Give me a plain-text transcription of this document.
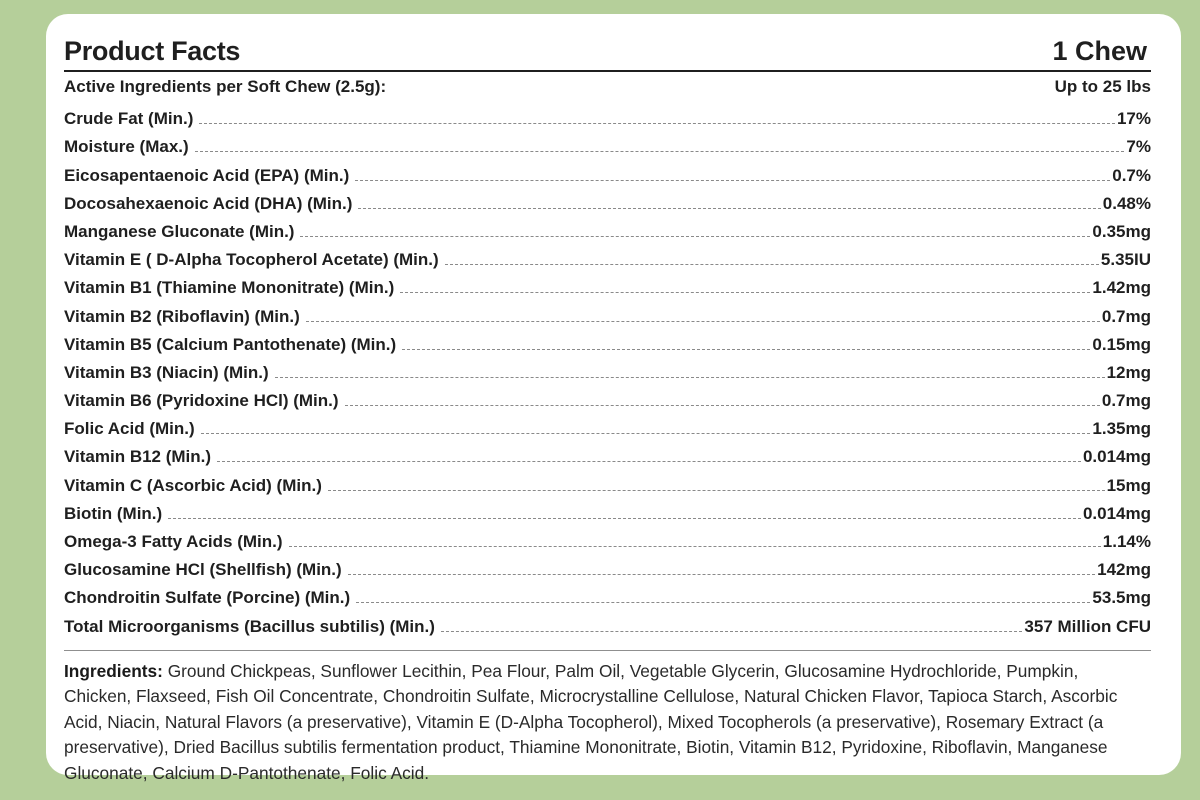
Product Facts	1 Chew
Active Ingredients per Soft Chew (2.5g):	Up to 25 lbs
Crude Fat (Min.)	17%
Moisture (Max.)	7%
Eicosapentaenoic Acid (EPA) (Min.)	0.7%
Docosahexaenoic Acid (DHA) (Min.)	0.48%
Manganese Gluconate (Min.)	0.35mg
Vitamin E ( D-Alpha Tocopherol Acetate) (Min.)	5.35IU
Vitamin B1 (Thiamine Mononitrate) (Min.)	1.42mg
Vitamin B2 (Riboflavin) (Min.)	0.7mg
Vitamin B5 (Calcium Pantothenate) (Min.)	0.15mg
Vitamin B3 (Niacin) (Min.)	12mg
Vitamin B6 (Pyridoxine HCl) (Min.)	0.7mg
Folic Acid (Min.)	1.35mg
Vitamin B12 (Min.)	0.014mg
Vitamin C (Ascorbic Acid) (Min.)	15mg
Biotin (Min.)	0.014mg
Omega-3 Fatty Acids (Min.)	1.14%
Glucosamine HCl (Shellfish) (Min.)	142mg
Chondroitin Sulfate (Porcine) (Min.)	53.5mg
Total Microorganisms (Bacillus subtilis) (Min.)	357 Million CFU
Ingredients: Ground Chickpeas, Sunflower Lecithin, Pea Flour, Palm Oil, Vegetable Glycerin, Glucosamine Hydrochloride, Pumpkin, Chicken, Flaxseed, Fish Oil Concentrate, Chondroitin Sulfate, Microcrystalline Cellulose, Natural Chicken Flavor, Tapioca Starch, Ascorbic Acid, Niacin, Natural Flavors (a preservative), Vitamin E (D-Alpha Tocopherol), Mixed Tocopherols (a preservative), Rosemary Extract (a preservative), Dried Bacillus subtilis fermentation product, Thiamine Mononitrate, Biotin, Vitamin B12, Pyridoxine, Riboflavin, Manganese Gluconate, Calcium D-Pantothenate, Folic Acid.
